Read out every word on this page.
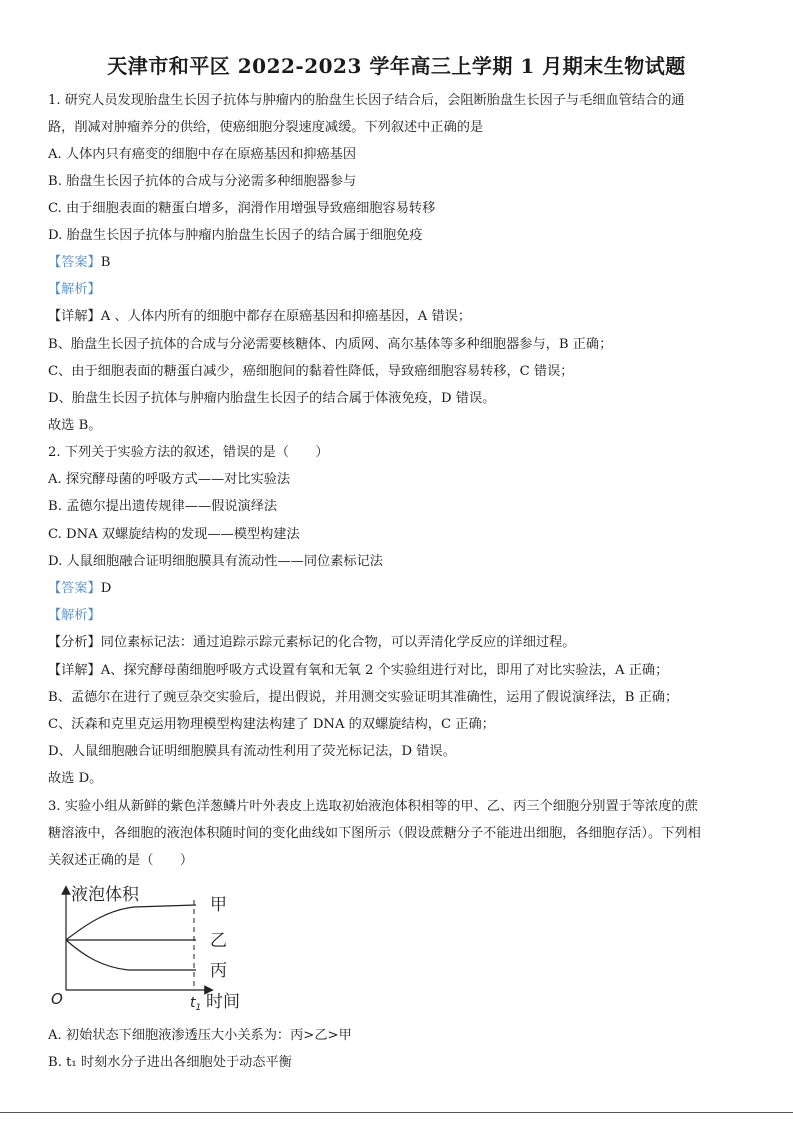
天津市和平区 2022-2023 学年高三上学期 1 月期末生物试题
1. 研究人员发现胎盘生长因子抗体与肿瘤内的胎盘生长因子结合后，会阻断胎盘生长因子与毛细血管结合的通
路，削减对肿瘤养分的供给，使癌细胞分裂速度减缓。下列叙述中正确的是
A. 人体内只有癌变的细胞中存在原癌基因和抑癌基因
B. 胎盘生长因子抗体的合成与分泌需多种细胞器参与
C. 由于细胞表面的糖蛋白增多，润滑作用增强导致癌细胞容易转移
D. 胎盘生长因子抗体与肿瘤内胎盘生长因子的结合属于细胞免疫
【答案】B
【解析】
【详解】A 、人体内所有的细胞中都存在原癌基因和抑癌基因，A 错误；
B、胎盘生长因子抗体的合成与分泌需要核糖体、内质网、高尔基体等多种细胞器参与，B 正确；
C、由于细胞表面的糖蛋白减少，癌细胞间的黏着性降低，导致癌细胞容易转移，C 错误；
D、胎盘生长因子抗体与肿瘤内胎盘生长因子的结合属于体液免疫，D 错误。
故选 B。
2. 下列关于实验方法的叙述，错误的是（　　）
A. 探究酵母菌的呼吸方式——对比实验法
B. 孟德尔提出遗传规律——假说演绎法
C. DNA 双螺旋结构的发现——模型构建法
D. 人鼠细胞融合证明细胞膜具有流动性——同位素标记法
【答案】D
【解析】
【分析】同位素标记法：通过追踪示踪元素标记的化合物，可以弄清化学反应的详细过程。
【详解】A、探究酵母菌细胞呼吸方式设置有氧和无氧 2 个实验组进行对比，即用了对比实验法，A 正确；
B、孟德尔在进行了豌豆杂交实验后，提出假说，并用测交实验证明其准确性，运用了假说演绎法，B 正确；
C、沃森和克里克运用物理模型构建法构建了 DNA 的双螺旋结构，C 正确；
D、人鼠细胞融合证明细胞膜具有流动性利用了荧光标记法，D 错误。
故选 D。
3. 实验小组从新鲜的紫色洋葱鳞片叶外表皮上选取初始液泡体积相等的甲、乙、丙三个细胞分别置于等浓度的蔗
糖溶液中，各细胞的液泡体积随时间的变化曲线如下图所示（假设蔗糖分子不能进出细胞，各细胞存活）。下列相
关叙述正确的是（　　）
液泡体积	甲
乙
丙
O	$t_1$ 时间
A. 初始状态下细胞液渗透压大小关系为：丙>乙>甲
B. t₁ 时刻水分子进出各细胞处于动态平衡
